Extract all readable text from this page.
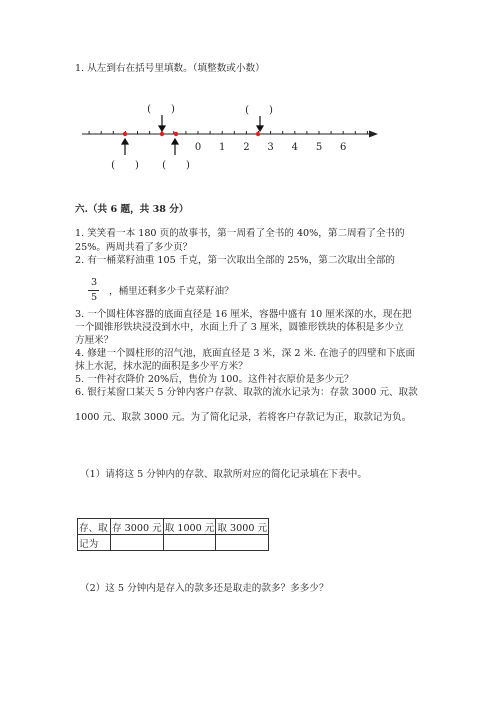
1. 从左到右在括号里填数。（填整数或小数）
(　　)	(　　)
(　　) (　　)
0 1 2 3 4 5 6
六.（共 6 题，共 38 分）
1. 笑笑看一本 180 页的故事书，第一周看了全书的 40%，第二周看了全书的
25%。两周共看了多少页？
2. 有一桶菜籽油重 105 千克，第一次取出全部的 25%，第二次取出全部的
3
5
，桶里还剩多少千克菜籽油？
3. 一个圆柱体容器的底面直径是 16 厘米，容器中盛有 10 厘米深的水，现在把
一个圆锥形铁块浸没到水中，水面上升了 3 厘米，圆锥形铁块的体积是多少立
方厘米？
4. 修建一个圆柱形的沼气池，底面直径是 3 米，深 2 米. 在池子的四壁和下底面
抹上水泥，抹水泥的面积是多少平方米？
5. 一件衬衣降价 20%后，售价为 100。这件衬衣原价是多少元？
6. 银行某窗口某天 5 分钟内客户存款、取款的流水记录为：存款 3000 元、取款
1000 元、取款 3000 元。为了简化记录，若将客户存款记为正，取款记为负。
（1）请将这 5 分钟内的存款、取款所对应的简化记录填在下表中。
存、取	存 3000 元	取 1000 元	取 3000 元
记为			
（2）这 5 分钟内是存入的款多还是取走的款多？多多少？
